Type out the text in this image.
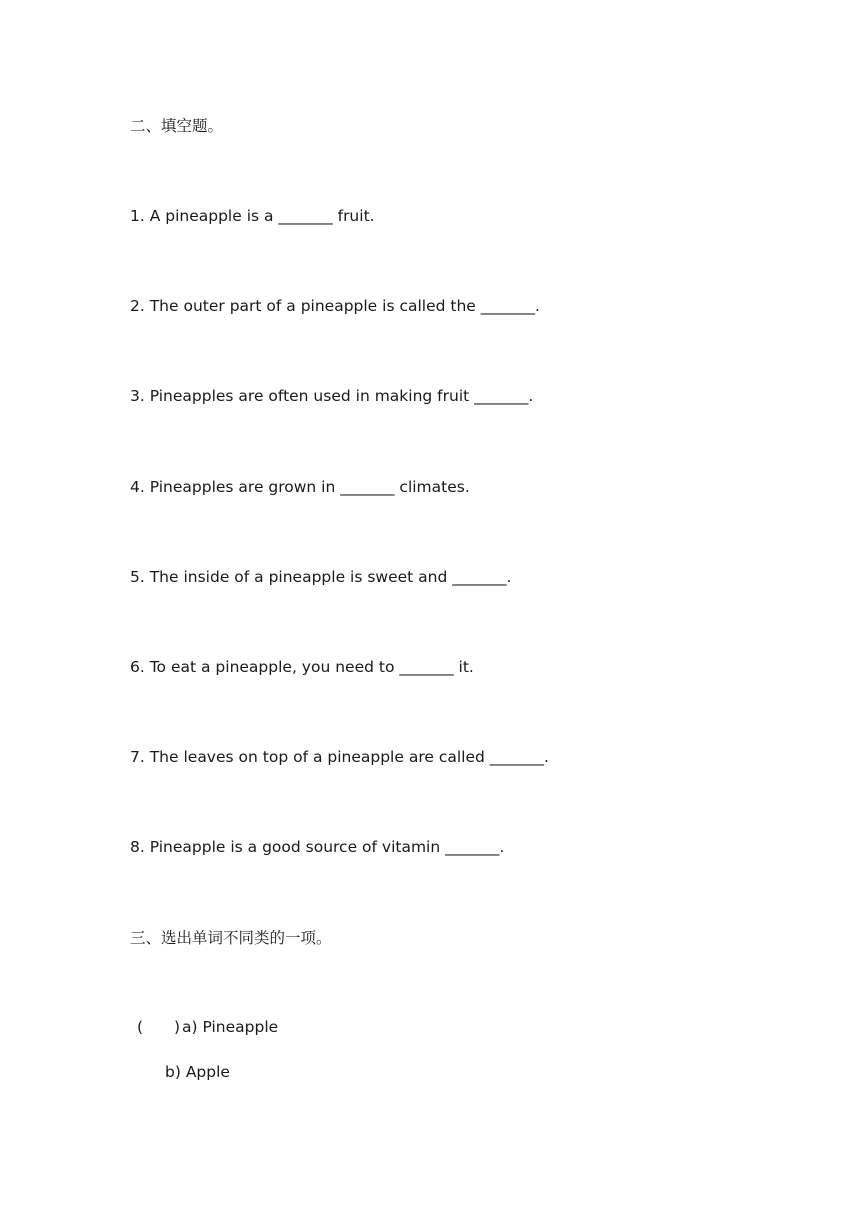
二、填空题。
1. A pineapple is a _______ fruit.
2. The outer part of a pineapple is called the _______.
3. Pineapples are often used in making fruit _______.
4. Pineapples are grown in _______ climates.
5. The inside of a pineapple is sweet and _______.
6. To eat a pineapple, you need to _______ it.
7. The leaves on top of a pineapple are called _______.
8. Pineapple is a good source of vitamin _______.
三、选出单词不同类的一项。
(　　) a) Pineapple
b) Apple
